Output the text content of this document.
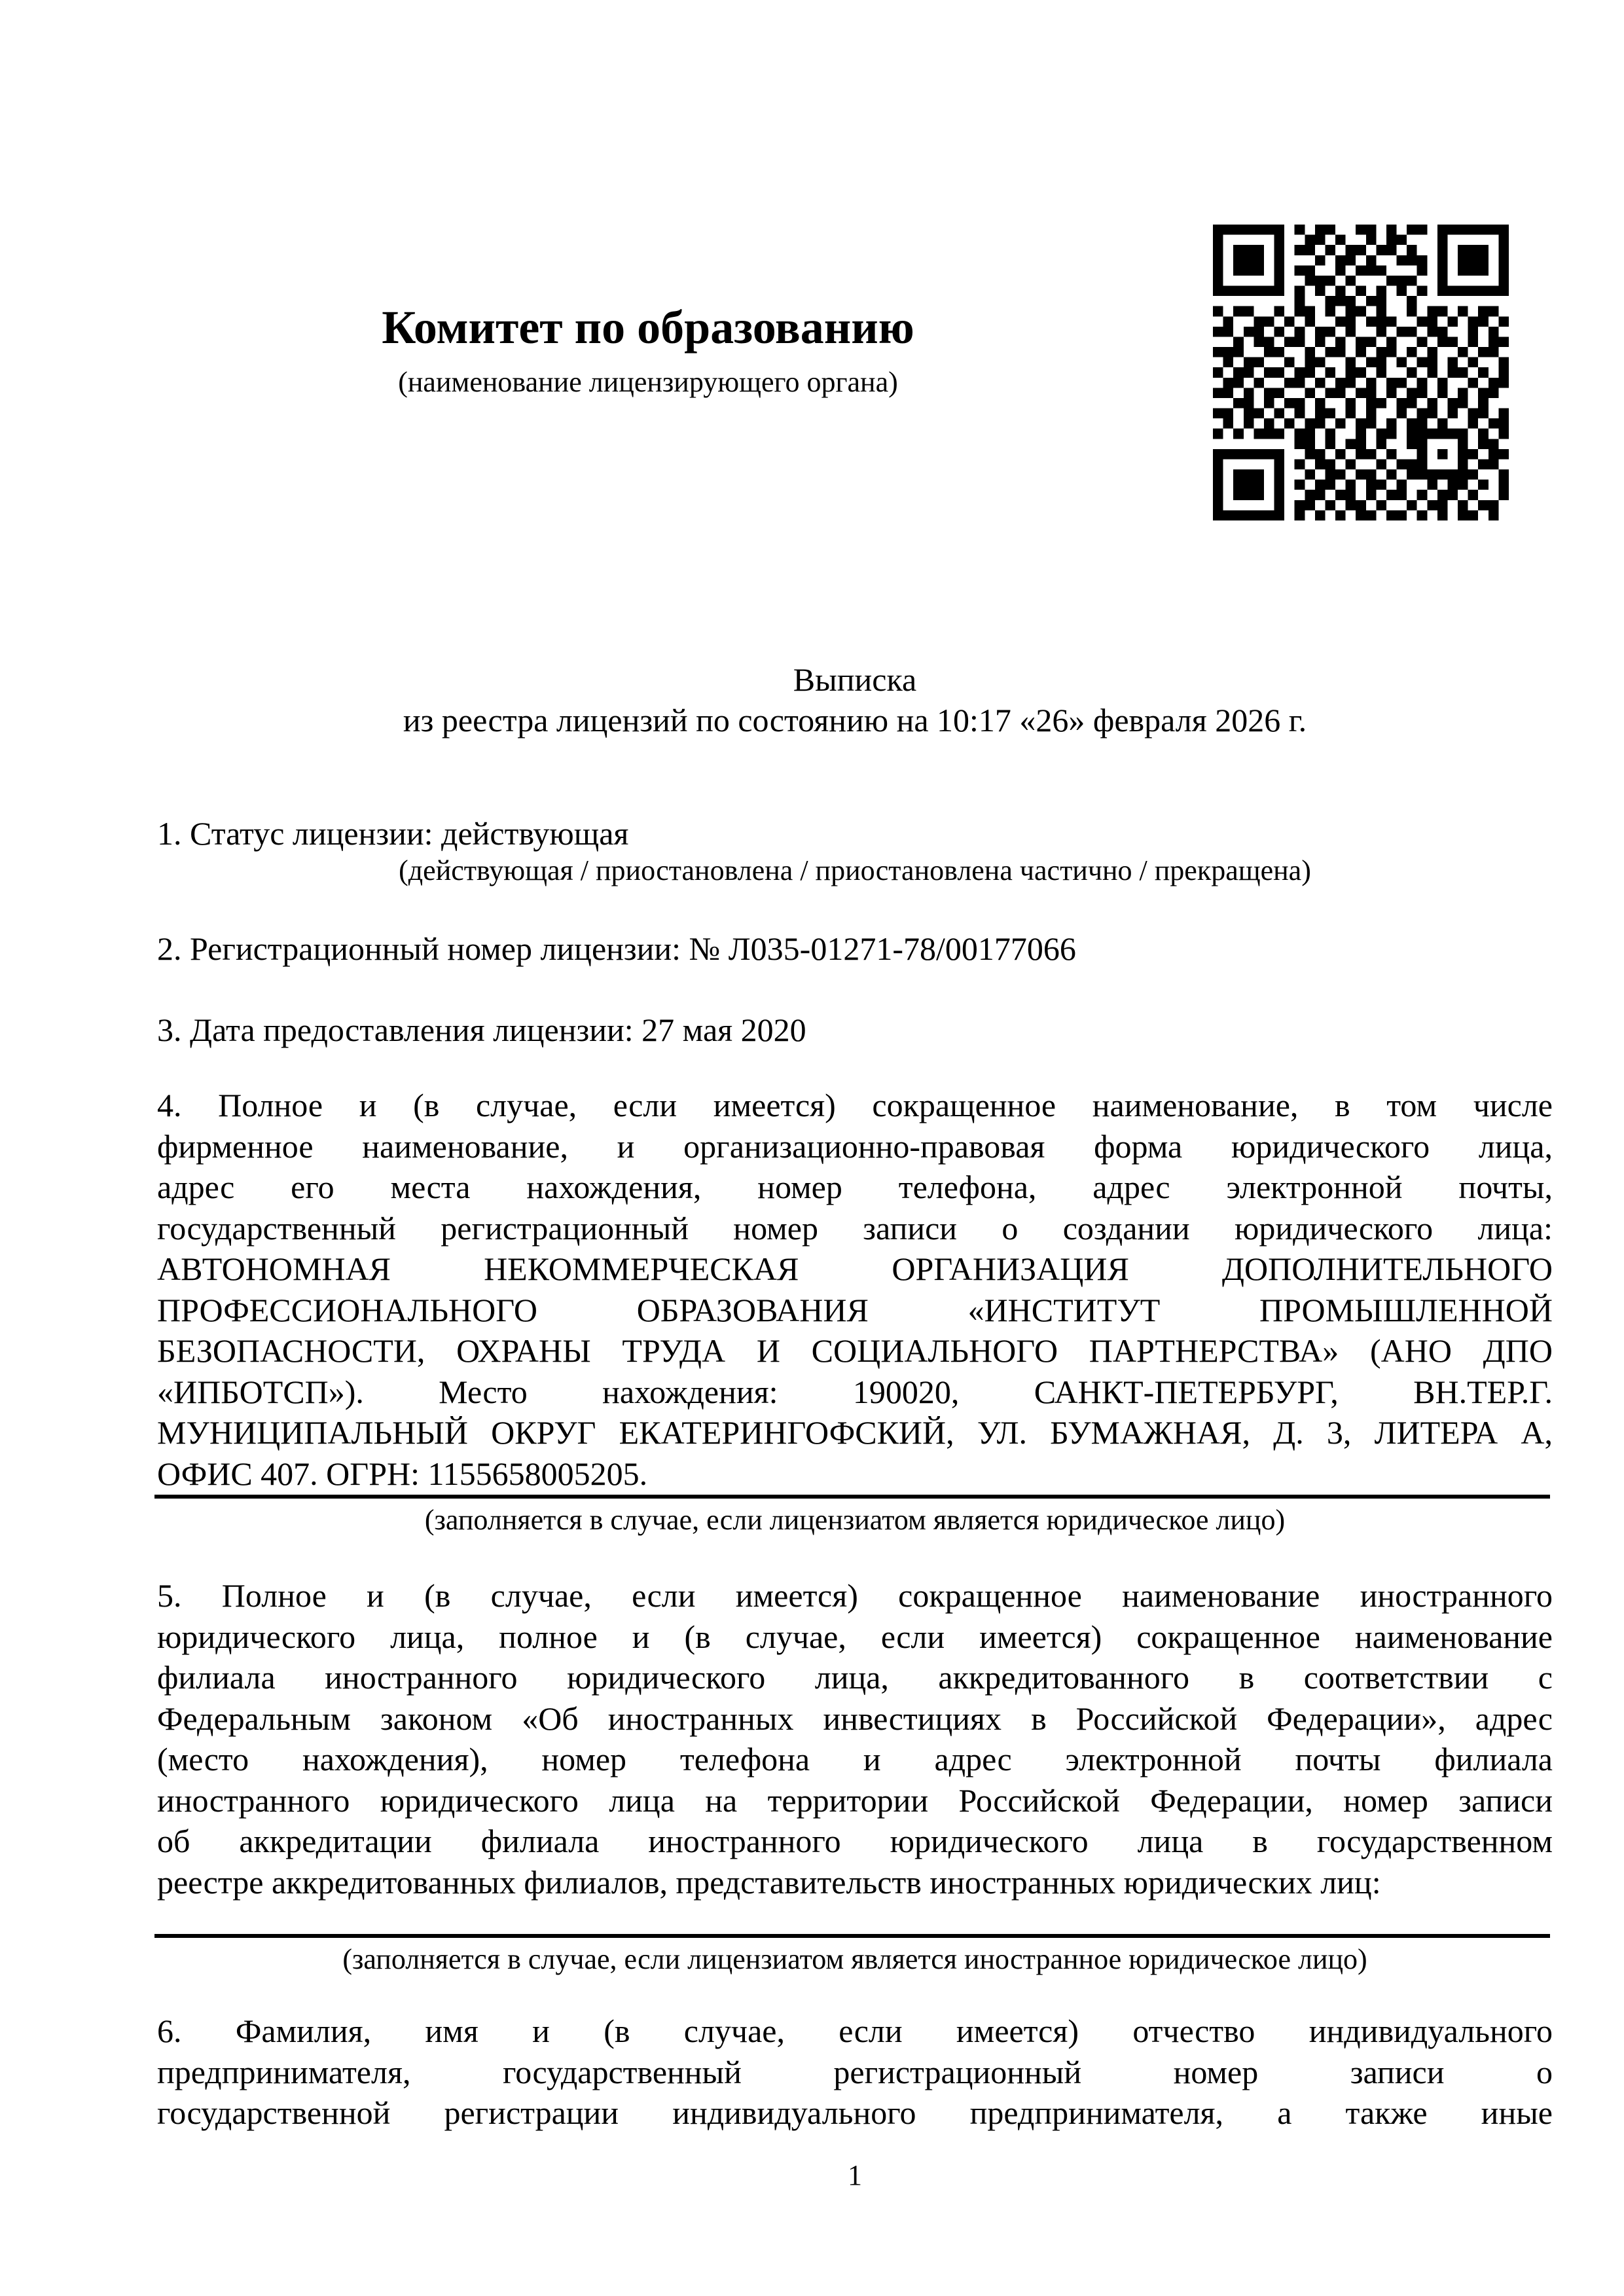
Комитет по образованию
(наименование лицензирующего органа)
Выписка
из реестра лицензий по состоянию на 10:17 «26» февраля 2026 г.
1. Статус лицензии: действующая
(действующая / приостановлена / приостановлена частично / прекращена)
2. Регистрационный номер лицензии: № Л035-01271-78/00177066
3. Дата предоставления лицензии: 27 мая 2020
4. Полное и (в случае, если имеется) сокращенное наименование, в том числе
фирменное наименование, и организационно-правовая форма юридического лица,
адрес его места нахождения, номер телефона, адрес электронной почты,
государственный регистрационный номер записи о создании юридического лица:
АВТОНОМНАЯ НЕКОММЕРЧЕСКАЯ ОРГАНИЗАЦИЯ ДОПОЛНИТЕЛЬНОГО
ПРОФЕССИОНАЛЬНОГО ОБРАЗОВАНИЯ «ИНСТИТУТ ПРОМЫШЛЕННОЙ
БЕЗОПАСНОСТИ, ОХРАНЫ ТРУДА И СОЦИАЛЬНОГО ПАРТНЕРСТВА» (АНО ДПО
«ИПБОТСП»). Место нахождения: 190020, САНКТ-ПЕТЕРБУРГ, ВН.ТЕР.Г.
МУНИЦИПАЛЬНЫЙ ОКРУГ ЕКАТЕРИНГОФСКИЙ, УЛ. БУМАЖНАЯ, Д. 3, ЛИТЕРА А,
ОФИС 407. ОГРН: 1155658005205.
(заполняется в случае, если лицензиатом является юридическое лицо)
5. Полное и (в случае, если имеется) сокращенное наименование иностранного
юридического лица, полное и (в случае, если имеется) сокращенное наименование
филиала иностранного юридического лица, аккредитованного в соответствии с
Федеральным законом «Об иностранных инвестициях в Российской Федерации», адрес
(место нахождения), номер телефона и адрес электронной почты филиала
иностранного юридического лица на территории Российской Федерации, номер записи
об аккредитации филиала иностранного юридического лица в государственном
реестре аккредитованных филиалов, представительств иностранных юридических лиц:
(заполняется в случае, если лицензиатом является иностранное юридическое лицо)
6. Фамилия, имя и (в случае, если имеется) отчество индивидуального
предпринимателя, государственный регистрационный номер записи о
государственной регистрации индивидуального предпринимателя, а также иные
1
